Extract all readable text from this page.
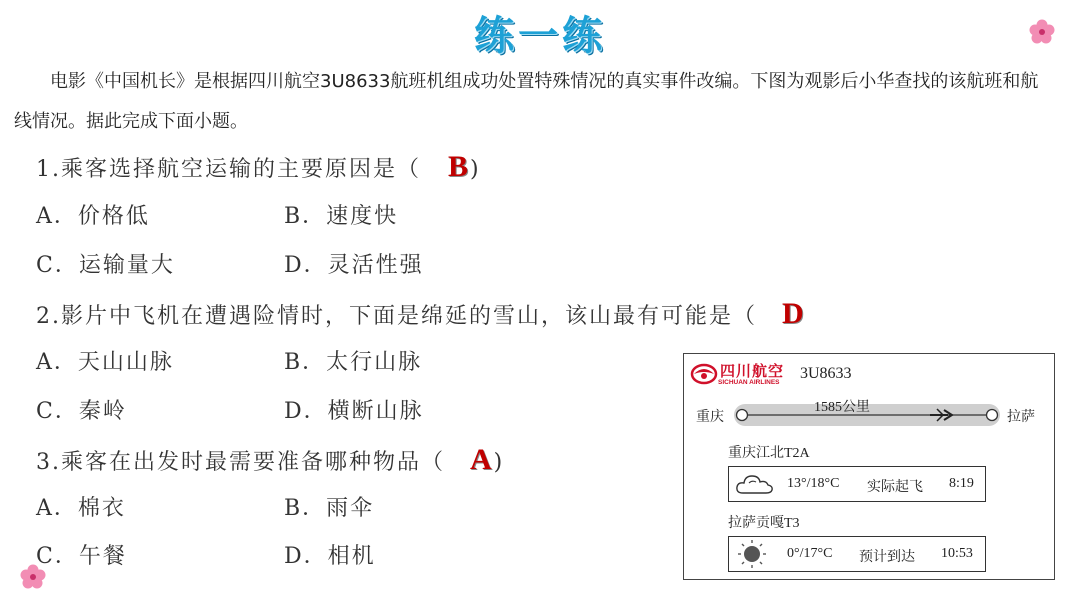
练一练
电影《中国机长》是根据四川航空3U8633航班机组成功处置特殊情况的真实事件改编。下图为观影后小华查找的该航班和航线情况。据此完成下面小题。
1.乘客选择航空运输的主要原因是（ B)
A．价格低	B．速度快
C．运输量大	D．灵活性强
2.影片中飞机在遭遇险情时，下面是绵延的雪山，该山最有可能是（ D
A．天山山脉	B．太行山脉
C．秦岭	D．横断山脉
3.乘客在出发时最需要准备哪种物品（ A)
A．棉衣	B．雨伞
C．午餐	D．相机
四川航空
SICHUAN AIRLINES
3U8633
重庆	拉萨
1585公里
重庆江北T2A
13°/18°C 实际起飞 8:19
拉萨贡嘎T3
0°/17°C 预计到达 10:53
